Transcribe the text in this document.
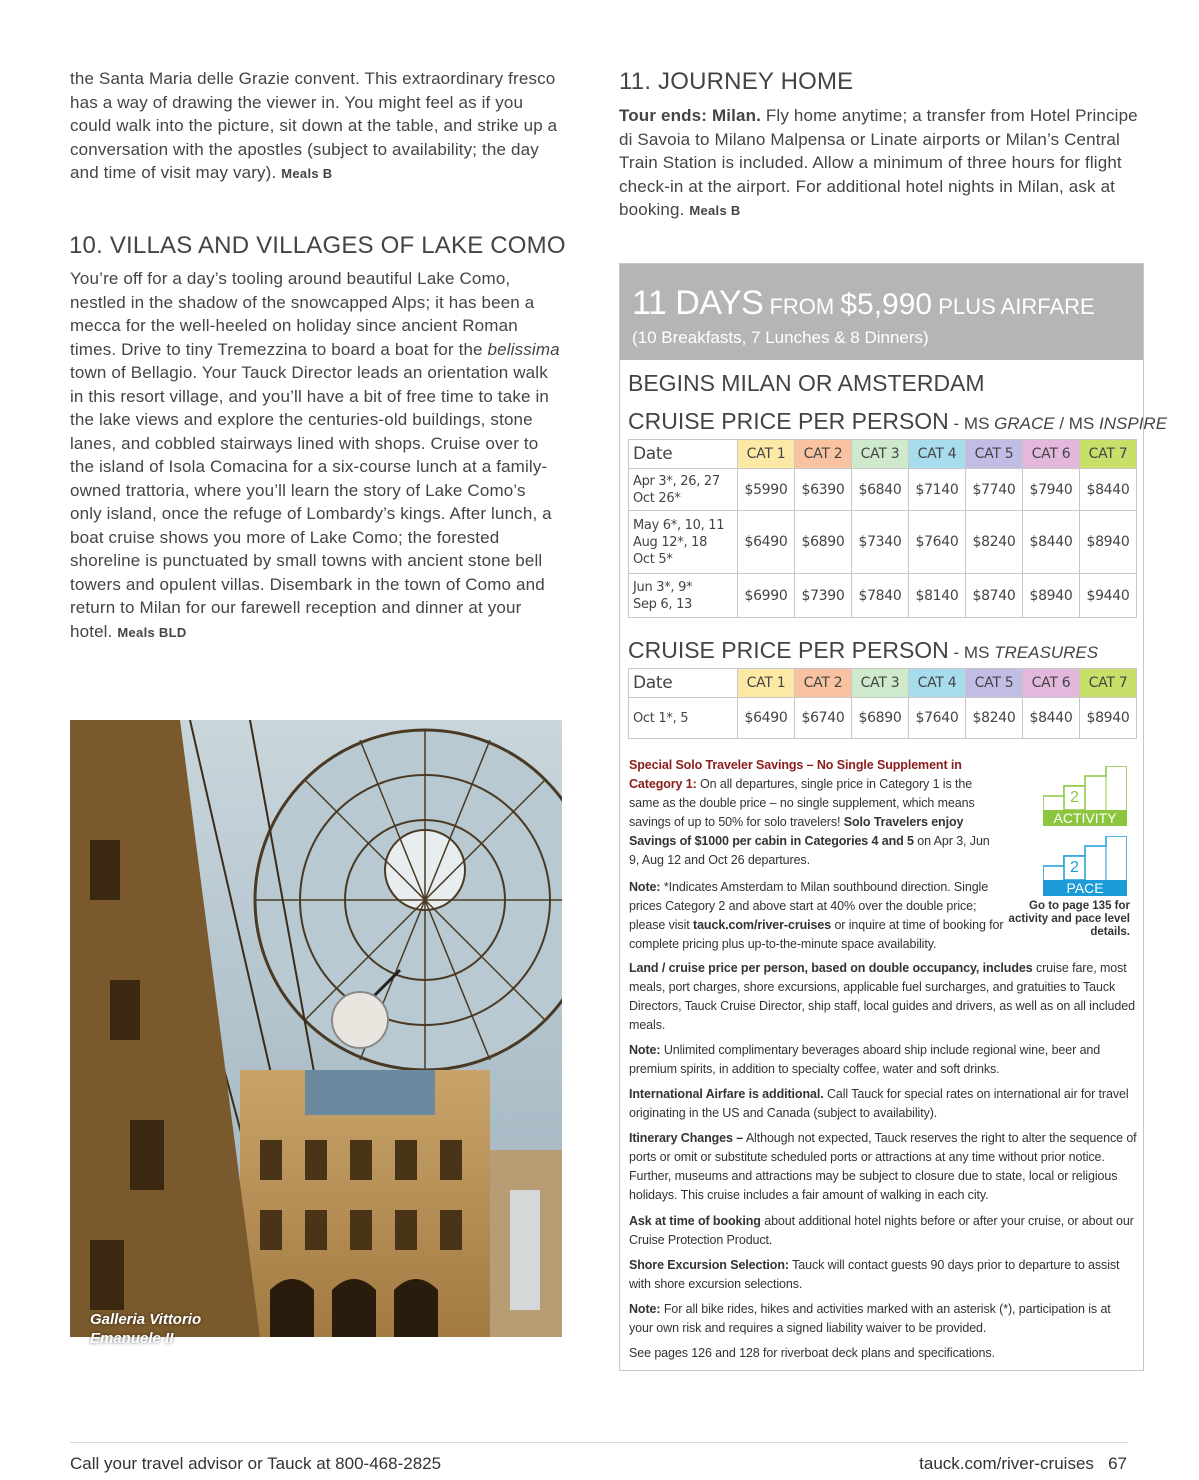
the Santa Maria delle Grazie convent. This extraordinary fresco has a way of drawing the viewer in. You might feel as if you could walk into the picture, sit down at the table, and strike up a conversation with the apostles (subject to availability; the day and time of visit may vary). Meals B
10. VILLAS AND VILLAGES OF LAKE COMO
You’re off for a day’s tooling around beautiful Lake Como, nestled in the shadow of the snowcapped Alps; it has been a mecca for the well-heeled on holiday since ancient Roman times. Drive to tiny Tremezzina to board a boat for the belissima town of Bellagio. Your Tauck Director leads an orientation walk in this resort village, and you’ll have a bit of free time to take in the lake views and explore the centuries-old buildings, stone lanes, and cobbled stairways lined with shops. Cruise over to the island of Isola Comacina for a six-course lunch at a family-owned trattoria, where you’ll learn the story of Lake Como’s only island, once the refuge of Lombardy’s kings. After lunch, a boat cruise shows you more of Lake Como; the forested shoreline is punctuated by small towns with ancient stone bell towers and opulent villas. Disembark in the town of Como and return to Milan for our farewell reception and dinner at your hotel. Meals BLD
Galleria Vittorio
Emanuele II
11. JOURNEY HOME
Tour ends: Milan. Fly home anytime; a transfer from Hotel Principe di Savoia to Milano Malpensa or Linate airports or Milan’s Central Train Station is included. Allow a minimum of three hours for flight check-in at the airport. For additional hotel nights in Milan, ask at booking. Meals B
11 DAYS FROM $5,990 PLUS AIRFARE
(10 Breakfasts, 7 Lunches & 8 Dinners)
BEGINS MILAN OR AMSTERDAM
CRUISE PRICE PER PERSON - MS GRACE / MS INSPIRE
Date	CAT 1	CAT 2	CAT 3	CAT 4	CAT 5	CAT 6	CAT 7

Apr 3*, 26, 27
Oct 26*	$5990	$6390	$6840	$7140	$7740	$7940	$8440

May 6*, 10, 11
Aug 12*, 18
Oct 5*	$6490	$6890	$7340	$7640	$8240	$8440	$8940

Jun 3*, 9*
Sep 6, 13	$6990	$7390	$7840	$8140	$8740	$8940	$9440
CRUISE PRICE PER PERSON - MS TREASURES
Date	CAT 1	CAT 2	CAT 3	CAT 4	CAT 5	CAT 6	CAT 7

Oct 1*, 5	$6490	$6740	$6890	$7640	$8240	$8440	$8940
Special Solo Traveler Savings – No Single Supplement in Category 1: On all departures, single price in Category 1 is the same as the double price – no single supplement, which means savings of up to 50% for solo travelers! Solo Travelers enjoy Savings of $1000 per cabin in Categories 4 and 5 on Apr 3, Jun 9, Aug 12 and Oct 26 departures.
Note: *Indicates Amsterdam to Milan southbound direction. Single prices Category 2 and above start at 40% over the double price; please visit tauck.com/river-cruises or inquire at time of booking for complete pricing plus up-to-the-minute space availability.
2
ACTIVITY
2
PACE
Go to page 135 for activity and pace level details.
Land / cruise price per person, based on double occupancy, includes cruise fare, most meals, port charges, shore excursions, applicable fuel surcharges, and gratuities to Tauck Directors, Tauck Cruise Director, ship staff, local guides and drivers, as well as on all included meals.
Note: Unlimited complimentary beverages aboard ship include regional wine, beer and premium spirits, in addition to specialty coffee, water and soft drinks.
International Airfare is additional. Call Tauck for special rates on international air for travel originating in the US and Canada (subject to availability).
Itinerary Changes – Although not expected, Tauck reserves the right to alter the sequence of ports or omit or substitute scheduled ports or attractions at any time without prior notice. Further, museums and attractions may be subject to closure due to state, local or religious holidays. This cruise includes a fair amount of walking in each city.
Ask at time of booking about additional hotel nights before or after your cruise, or about our Cruise Protection Product.
Shore Excursion Selection: Tauck will contact guests 90 days prior to departure to assist with shore excursion selections.
Note: For all bike rides, hikes and activities marked with an asterisk (*), participation is at your own risk and requires a signed liability waiver to be provided.
See pages 126 and 128 for riverboat deck plans and specifications.
Call your travel advisor or Tauck at 800-468-2825	tauck.com/river-cruises 67
